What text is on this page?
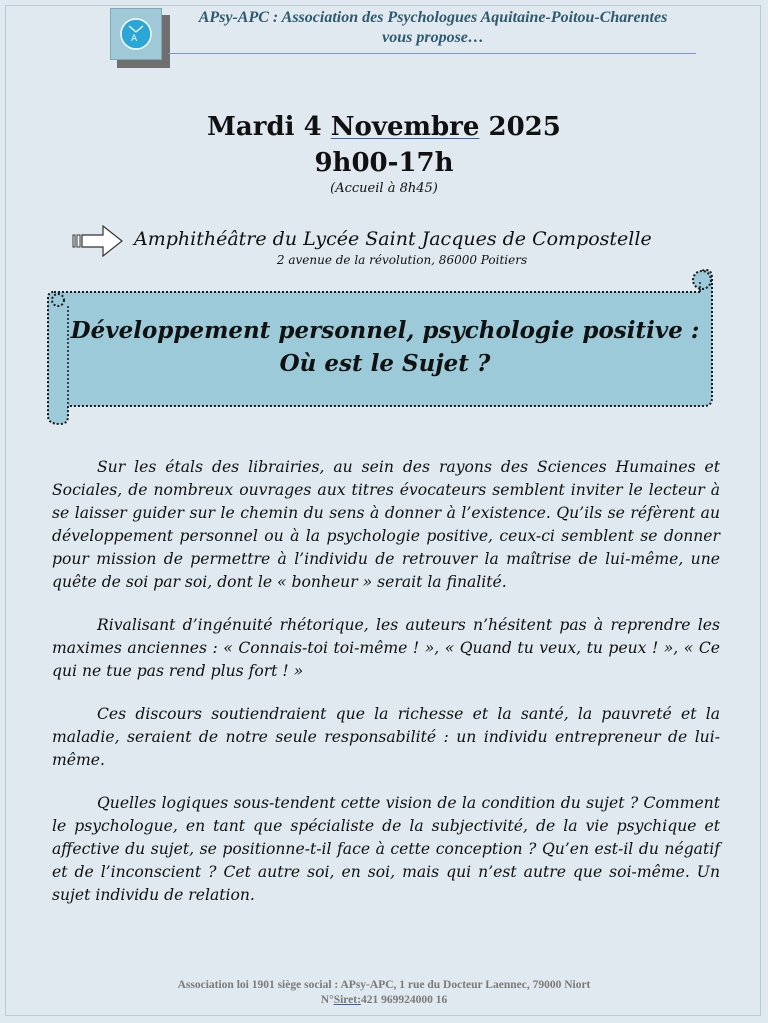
A
APsy-APC : Association des Psychologues Aquitaine-Poitou-Charentes
vous propose…
Mardi 4 Novembre 2025
9h00-17h
(Accueil à 8h45)
Amphithéâtre du Lycée Saint Jacques de Compostelle
2 avenue de la révolution, 86000 Poitiers
Développement personnel, psychologie positive :
Où est le Sujet ?

Sur les étals des librairies, au sein des rayons des Sciences Humaines et Sociales, de nombreux ouvrages aux titres évocateurs semblent inviter le lecteur à se laisser guider sur le chemin du sens à donner à l’existence. Qu’ils se réfèrent au développement personnel ou à la psychologie positive, ceux-ci semblent se donner pour mission de permettre à l’individu de retrouver la maîtrise de lui-même, une quête de soi par soi, dont le « bonheur » serait la finalité.

Rivalisant d’ingénuité rhétorique, les auteurs n’hésitent pas à reprendre les maximes anciennes : « Connais-toi toi-même ! », « Quand tu veux, tu peux ! », « Ce qui ne tue pas rend plus fort ! »

Ces discours soutiendraient que la richesse et la santé, la pauvreté et la maladie, seraient de notre seule responsabilité : un individu entrepreneur de lui-même.

Quelles logiques sous-tendent cette vision de la condition du sujet ? Comment le psychologue, en tant que spécialiste de la subjectivité, de la vie psychique et affective du sujet, se positionne-t-il face à cette conception ? Qu’en est-il du négatif et de l’inconscient ? Cet autre soi, en soi, mais qui n’est autre que soi-même. Un sujet individu de relation.

Association loi 1901 siège social : APsy-APC, 1 rue du Docteur Laennec, 79000 Niort
N°Siret:421 969924000 16
